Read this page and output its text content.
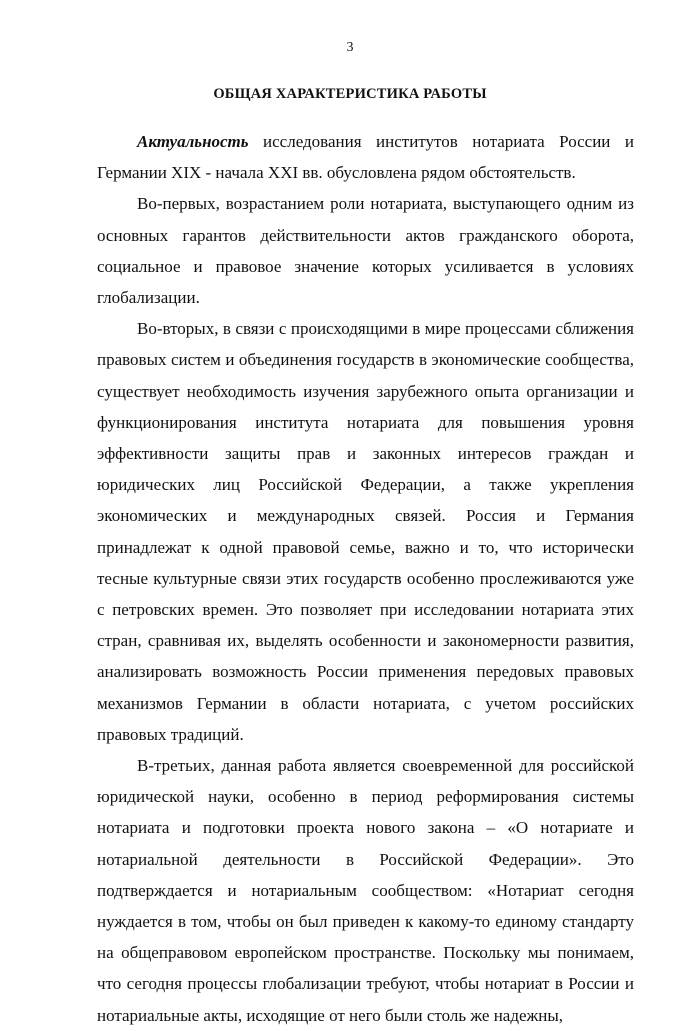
3
ОБЩАЯ ХАРАКТЕРИСТИКА РАБОТЫ

Актуальность исследования институтов нотариата России и Германии XIX - начала XXI вв. обусловлена рядом обстоятельств.

Во-первых, возрастанием роли нотариата, выступающего одним из основных гарантов действительности актов гражданского оборота, социальное и правовое значение которых усиливается в условиях глобализации.

Во-вторых, в связи с происходящими в мире процессами сближения правовых систем и объединения государств в экономические сообщества, существует необходимость изучения зарубежного опыта организации и функционирования института нотариата для повышения уровня эффективности защиты прав и законных интересов граждан и юридических лиц Российской Федерации, а также укрепления экономических и международных связей. Россия и Германия принадлежат к одной правовой семье, важно и то, что исторически тесные культурные связи этих государств особенно прослеживаются уже с петровских времен. Это позволяет при исследовании нотариата этих стран, сравнивая их, выделять особенности и закономерности развития, анализировать возможность России применения передовых правовых механизмов Германии в области нотариата, с учетом российских правовых традиций.

В-третьих, данная работа является своевременной для российской юридической науки, особенно в период реформирования системы нотариата и подготовки проекта нового закона – «О нотариате и нотариальной деятельности в Российской Федерации». Это подтверждается и нотариальным сообществом: «Нотариат сегодня нуждается в том, чтобы он был приведен к какому-то единому стандарту на общеправовом европейском пространстве. Поскольку мы понимаем, что сегодня процессы глобализации требуют, чтобы нотариат в России и нотариальные акты, исходящие от него были столь же надежны,
